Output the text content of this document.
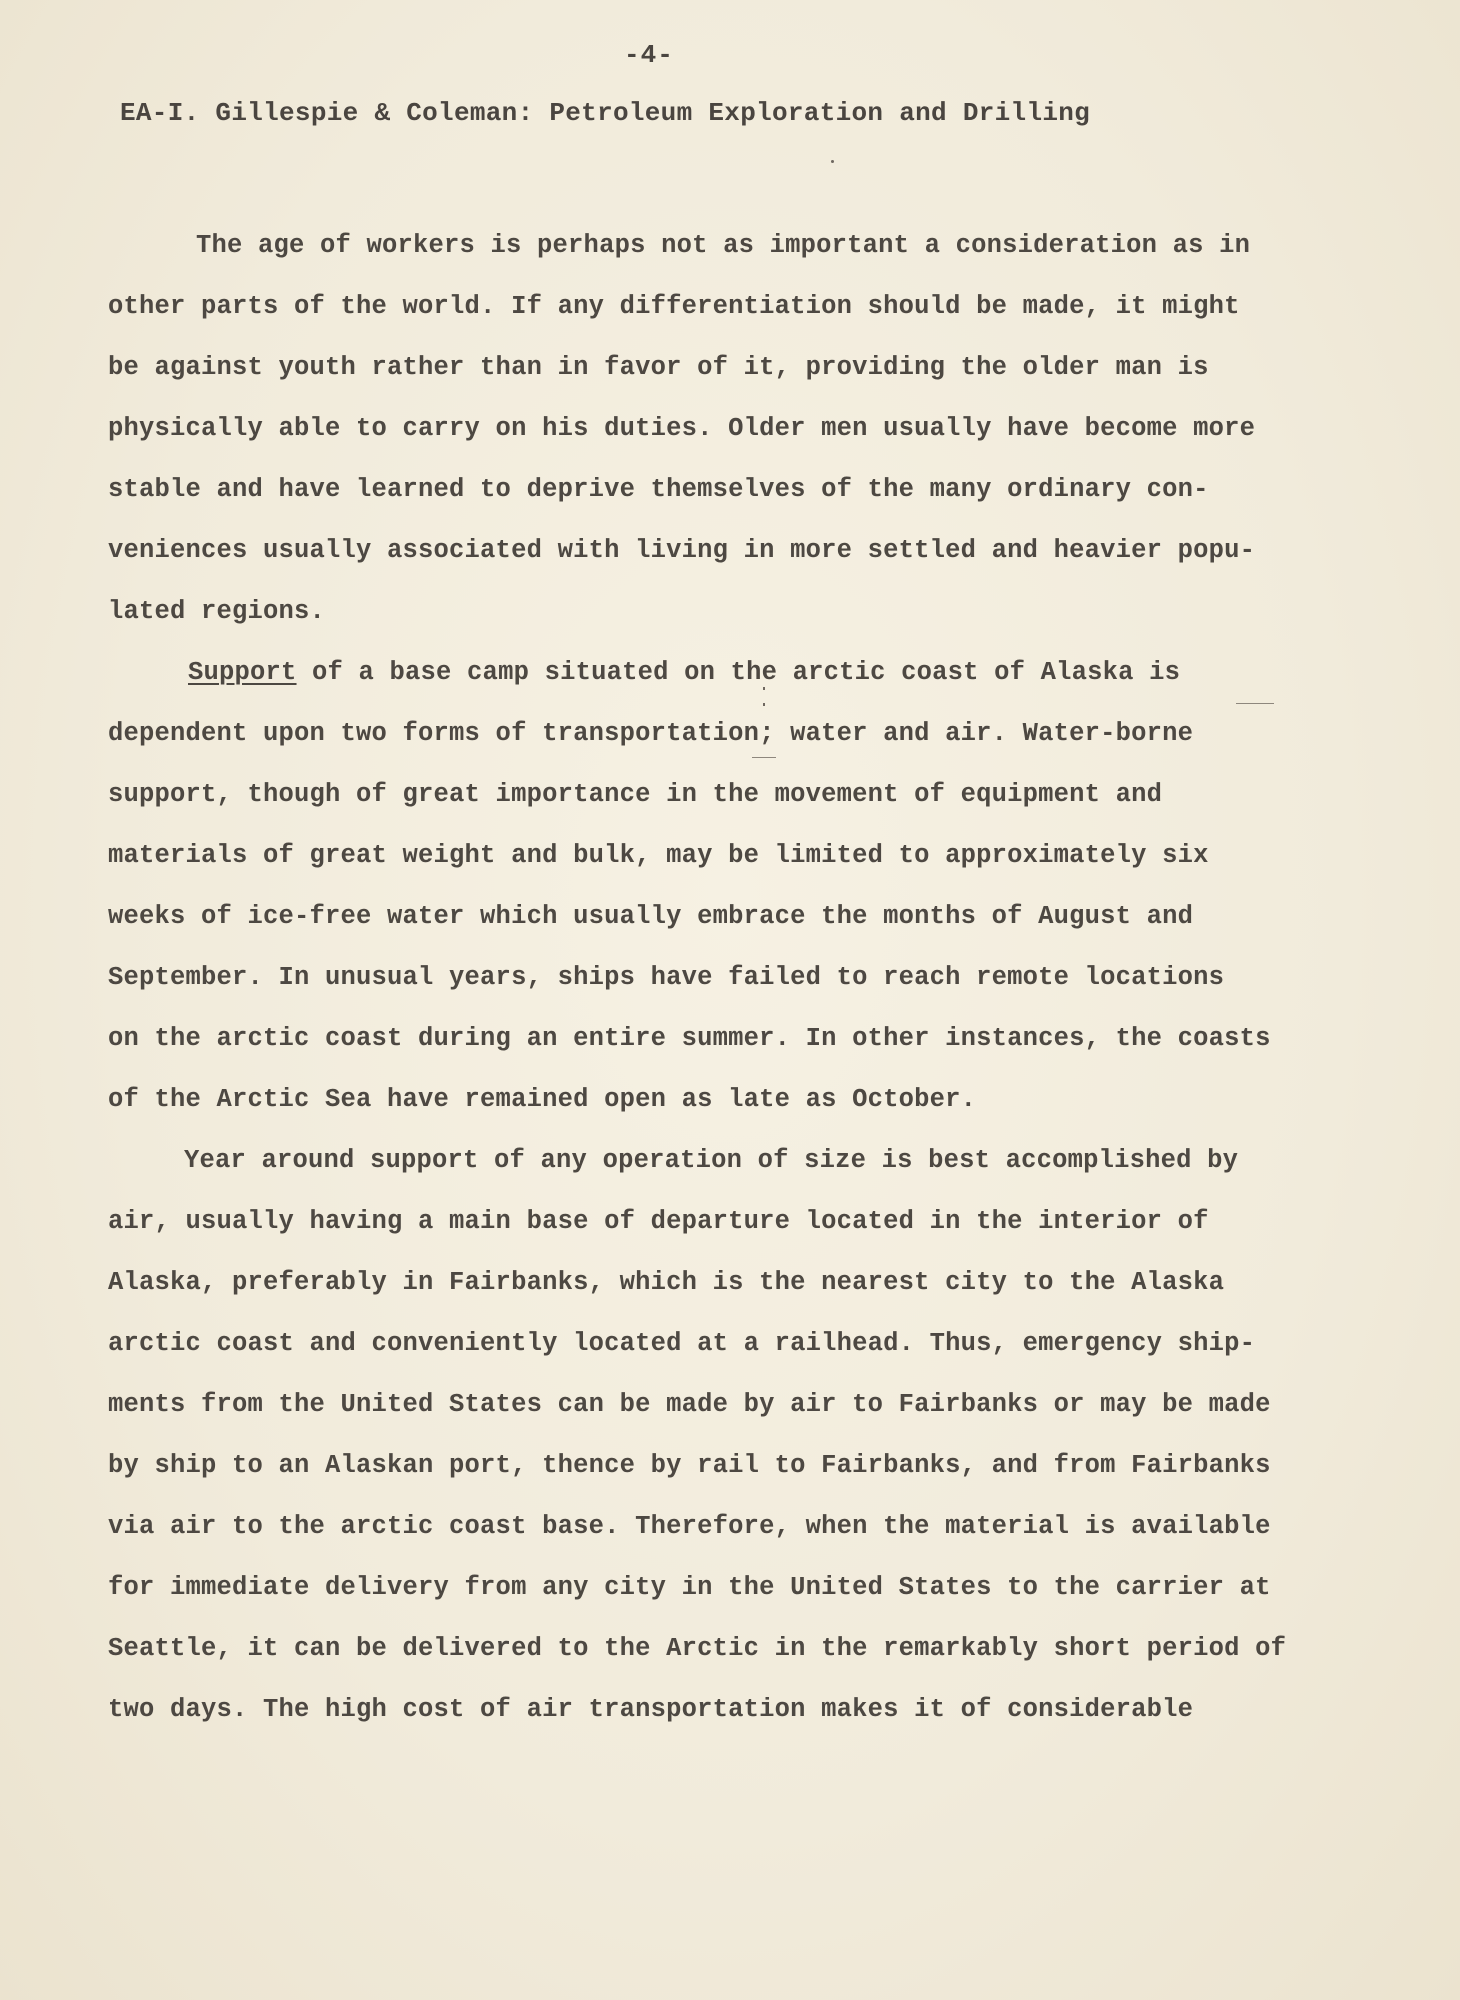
-4-
EA-I. Gillespie & Coleman: Petroleum Exploration and Drilling
The age of workers is perhaps not as important a consideration as in
other parts of the world. If any differentiation should be made, it might
be against youth rather than in favor of it, providing the older man is
physically able to carry on his duties. Older men usually have become more
stable and have learned to deprive themselves of the many ordinary con-
veniences usually associated with living in more settled and heavier popu-
lated regions.
Support of a base camp situated on the arctic coast of Alaska is
dependent upon two forms of transportation; water and air. Water-borne
support, though of great importance in the movement of equipment and
materials of great weight and bulk, may be limited to approximately six
weeks of ice-free water which usually embrace the months of August and
September. In unusual years, ships have failed to reach remote locations
on the arctic coast during an entire summer. In other instances, the coasts
of the Arctic Sea have remained open as late as October.
Year around support of any operation of size is best accomplished by
air, usually having a main base of departure located in the interior of
Alaska, preferably in Fairbanks, which is the nearest city to the Alaska
arctic coast and conveniently located at a railhead. Thus, emergency ship-
ments from the United States can be made by air to Fairbanks or may be made
by ship to an Alaskan port, thence by rail to Fairbanks, and from Fairbanks
via air to the arctic coast base. Therefore, when the material is available
for immediate delivery from any city in the United States to the carrier at
Seattle, it can be delivered to the Arctic in the remarkably short period of
two days. The high cost of air transportation makes it of considerable
